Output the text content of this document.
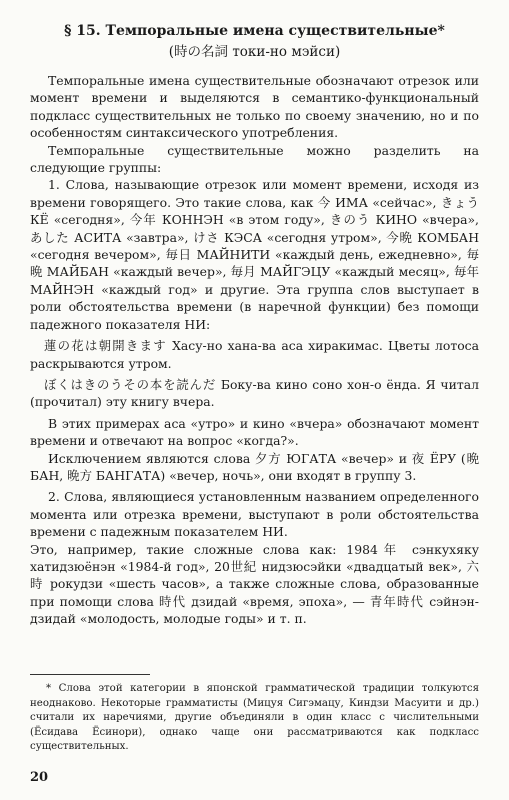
§ 15. Темпоральные имена существительные*
(時の名詞 токи-но мэйси)

Темпоральные имена существительные обозначают отрезок или момент времени и выделяются в семантико-функциональный подкласс существительных не только по своему значению, но и по особенностям синтаксического употребления.

Темпоральные существительные можно разделить на следующие группы:

1. Слова, называющие отрезок или момент времени, исходя из времени говорящего. Это такие слова, как 今 ИМА «сейчас», きょう КЁ «сегодня», 今年 КОННЭН «в этом году», きのう КИНО «вчера», あした АСИТА «завтра», けさ КЭСА «сегодня утром», 今晩 КОМБАН «сегодня вечером», 毎日 МАЙНИТИ «каждый день, ежедневно», 毎晩 МАЙБАН «каждый вечер», 毎月 МАЙГЭЦУ «каждый месяц», 毎年 МАЙНЭН «каждый год» и другие. Эта группа слов выступает в роли обстоятельства времени (в наречной функции) без помощи падежного показателя НИ:

蓮の花は朝開きます Хасу-но хана-ва аса хиракимас. Цветы лотоса раскрываются утром.

ぼくはきのうその本を読んだ Боку-ва кино соно хон-о ёнда. Я читал (прочитал) эту книгу вчера.

В этих примерах аса «утро» и кино «вчера» обозначают момент времени и отвечают на вопрос «когда?».

Исключением являются слова 夕方 ЮГАТА «вечер» и 夜 ЁРУ (晩 БАН, 晩方 БАНГАТА) «вечер, ночь», они входят в группу 3.

2. Слова, являющиеся установленным названием определенного момента или отрезка времени, выступают в роли обстоятельства времени с падежным показателем НИ.

Это, например, такие сложные слова как: 1984年 сэнкухяку хатидзюёнэн «1984-й год», 20世紀 нидзюсэйки «двадцатый век», 六時 рокудзи «шесть часов», а также сложные слова, образованные при помощи слова 時代 дзидай «время, эпоха», — 青年時代 сэйнэн-дзидай «молодость, молодые годы» и т. п.

* Слова этой категории в японской грамматической традиции толкуются неоднаково. Некоторые грамматисты (Мицуя Сигэмацу, Киндзи Масуити и др.) считали их наречиями, другие объединяли в один класс с числительными (Ёсидава Ёсинори), однако чаще они рассматриваются как подкласс существительных.

20
